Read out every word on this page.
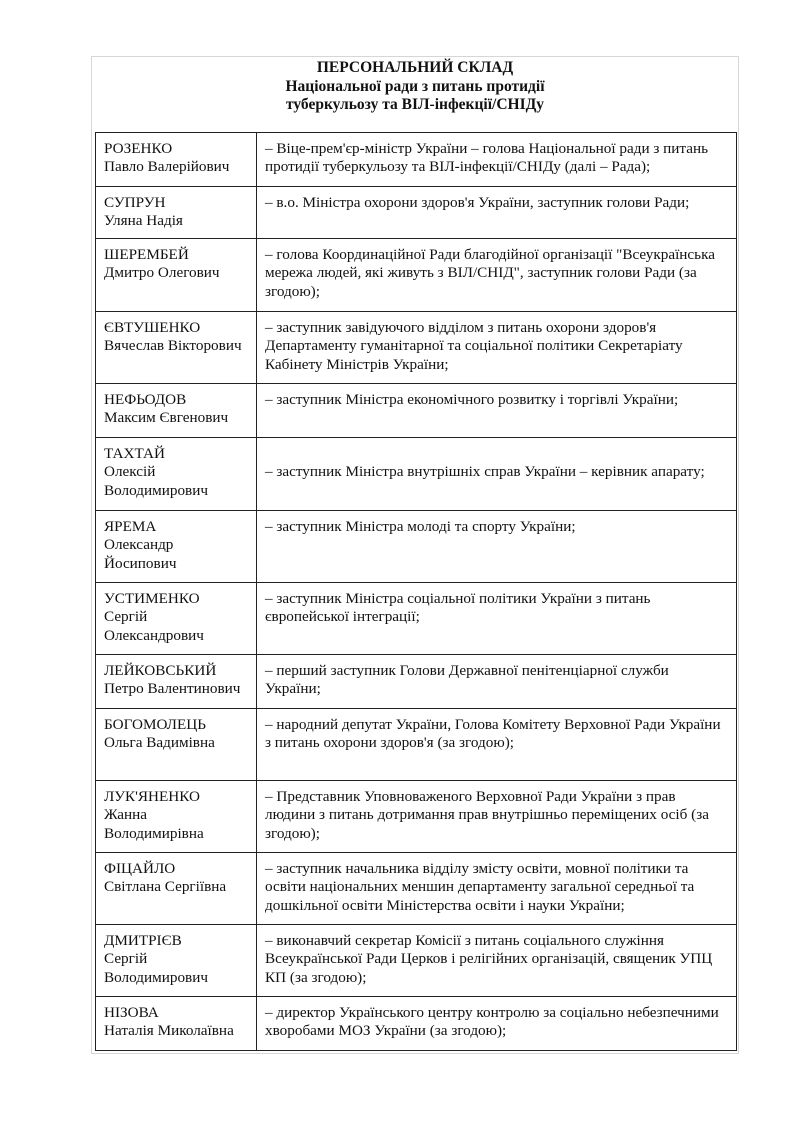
ПЕРСОНАЛЬНИЙ СКЛАД
Національної ради з питань протидії
туберкульозу та ВІЛ-інфекції/СНІДу
РОЗЕНКО
Павло Валерійович	– Віце-прем'єр-міністр України – голова Національної ради з питань протидії туберкульозу та ВІЛ-інфекції/СНІДу (далі – Рада);

СУПРУН
Уляна Надія	– в.о. Міністра охорони здоров'я України, заступник голови Ради;

ШЕРЕМБЕЙ
Дмитро Олегович	– голова Координаційної Ради благодійної організації "Всеукраїнська мережа людей, які живуть з ВІЛ/СНІД", заступник голови Ради (за згодою);

ЄВТУШЕНКО
Вячеслав Вікторович	– заступник завідуючого відділом з питань охорони здоров'я Департаменту гуманітарної та соціальної політики Секретаріату Кабінету Міністрів України;

НЕФЬОДОВ
Максим Євгенович	– заступник Міністра економічного розвитку і торгівлі України;

ТАХТАЙ
Олексій
Володимирович	– заступник Міністра внутрішніх справ України – керівник апарату;

ЯРЕМА
Олександр
Йосипович	– заступник Міністра молоді та спорту України;

УСТИМЕНКО
Сергій
Олександрович	– заступник Міністра соціальної політики України з питань європейської інтеграції;

ЛЕЙКОВСЬКИЙ
Петро Валентинович	– перший заступник Голови Державної пенітенціарної служби України;

БОГОМОЛЕЦЬ
Ольга Вадимівна	– народний депутат України, Голова Комітету Верховної Ради України з питань охорони здоров'я (за згодою);

ЛУК'ЯНЕНКО
Жанна
Володимирівна	– Представник Уповноваженого Верховної Ради України з прав людини з питань дотримання прав внутрішньо переміщених осіб (за згодою);

ФІЦАЙЛО
Світлана Сергіївна	– заступник начальника відділу змісту освіти, мовної політики та освіти національних меншин департаменту загальної середньої та дошкільної освіти Міністерства освіти і науки України;

ДМИТРІЄВ
Сергій
Володимирович	– виконавчий секретар Комісії з питань соціального служіння Всеукраїнської Ради Церков і релігійних організацій, священик УПЦ КП (за згодою);

НІЗОВА
Наталія Миколаївна	– директор Українського центру контролю за соціально небезпечними хворобами МОЗ України (за згодою);
